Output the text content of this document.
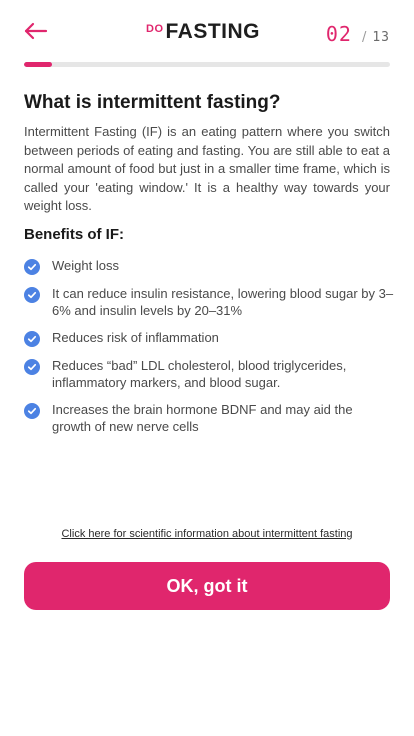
DO FASTING	02 / 13
What is intermittent fasting?

Intermittent Fasting (IF) is an eating pattern where you switch between periods of eating and fasting. You are still able to eat a normal amount of food but just in a smaller time frame, which is called your 'eating window.' It is a healthy way towards your weight loss.

Benefits of IF:
Weight loss
It can reduce insulin resistance, lowering blood sugar by 3–6% and insulin levels by 20–31%
Reduces risk of inflammation
Reduces “bad” LDL cholesterol, blood triglycerides, inflammatory markers, and blood sugar.
Increases the brain hormone BDNF and may aid the growth of new nerve cells
Click here for scientific information about intermittent fasting
OK, got it
